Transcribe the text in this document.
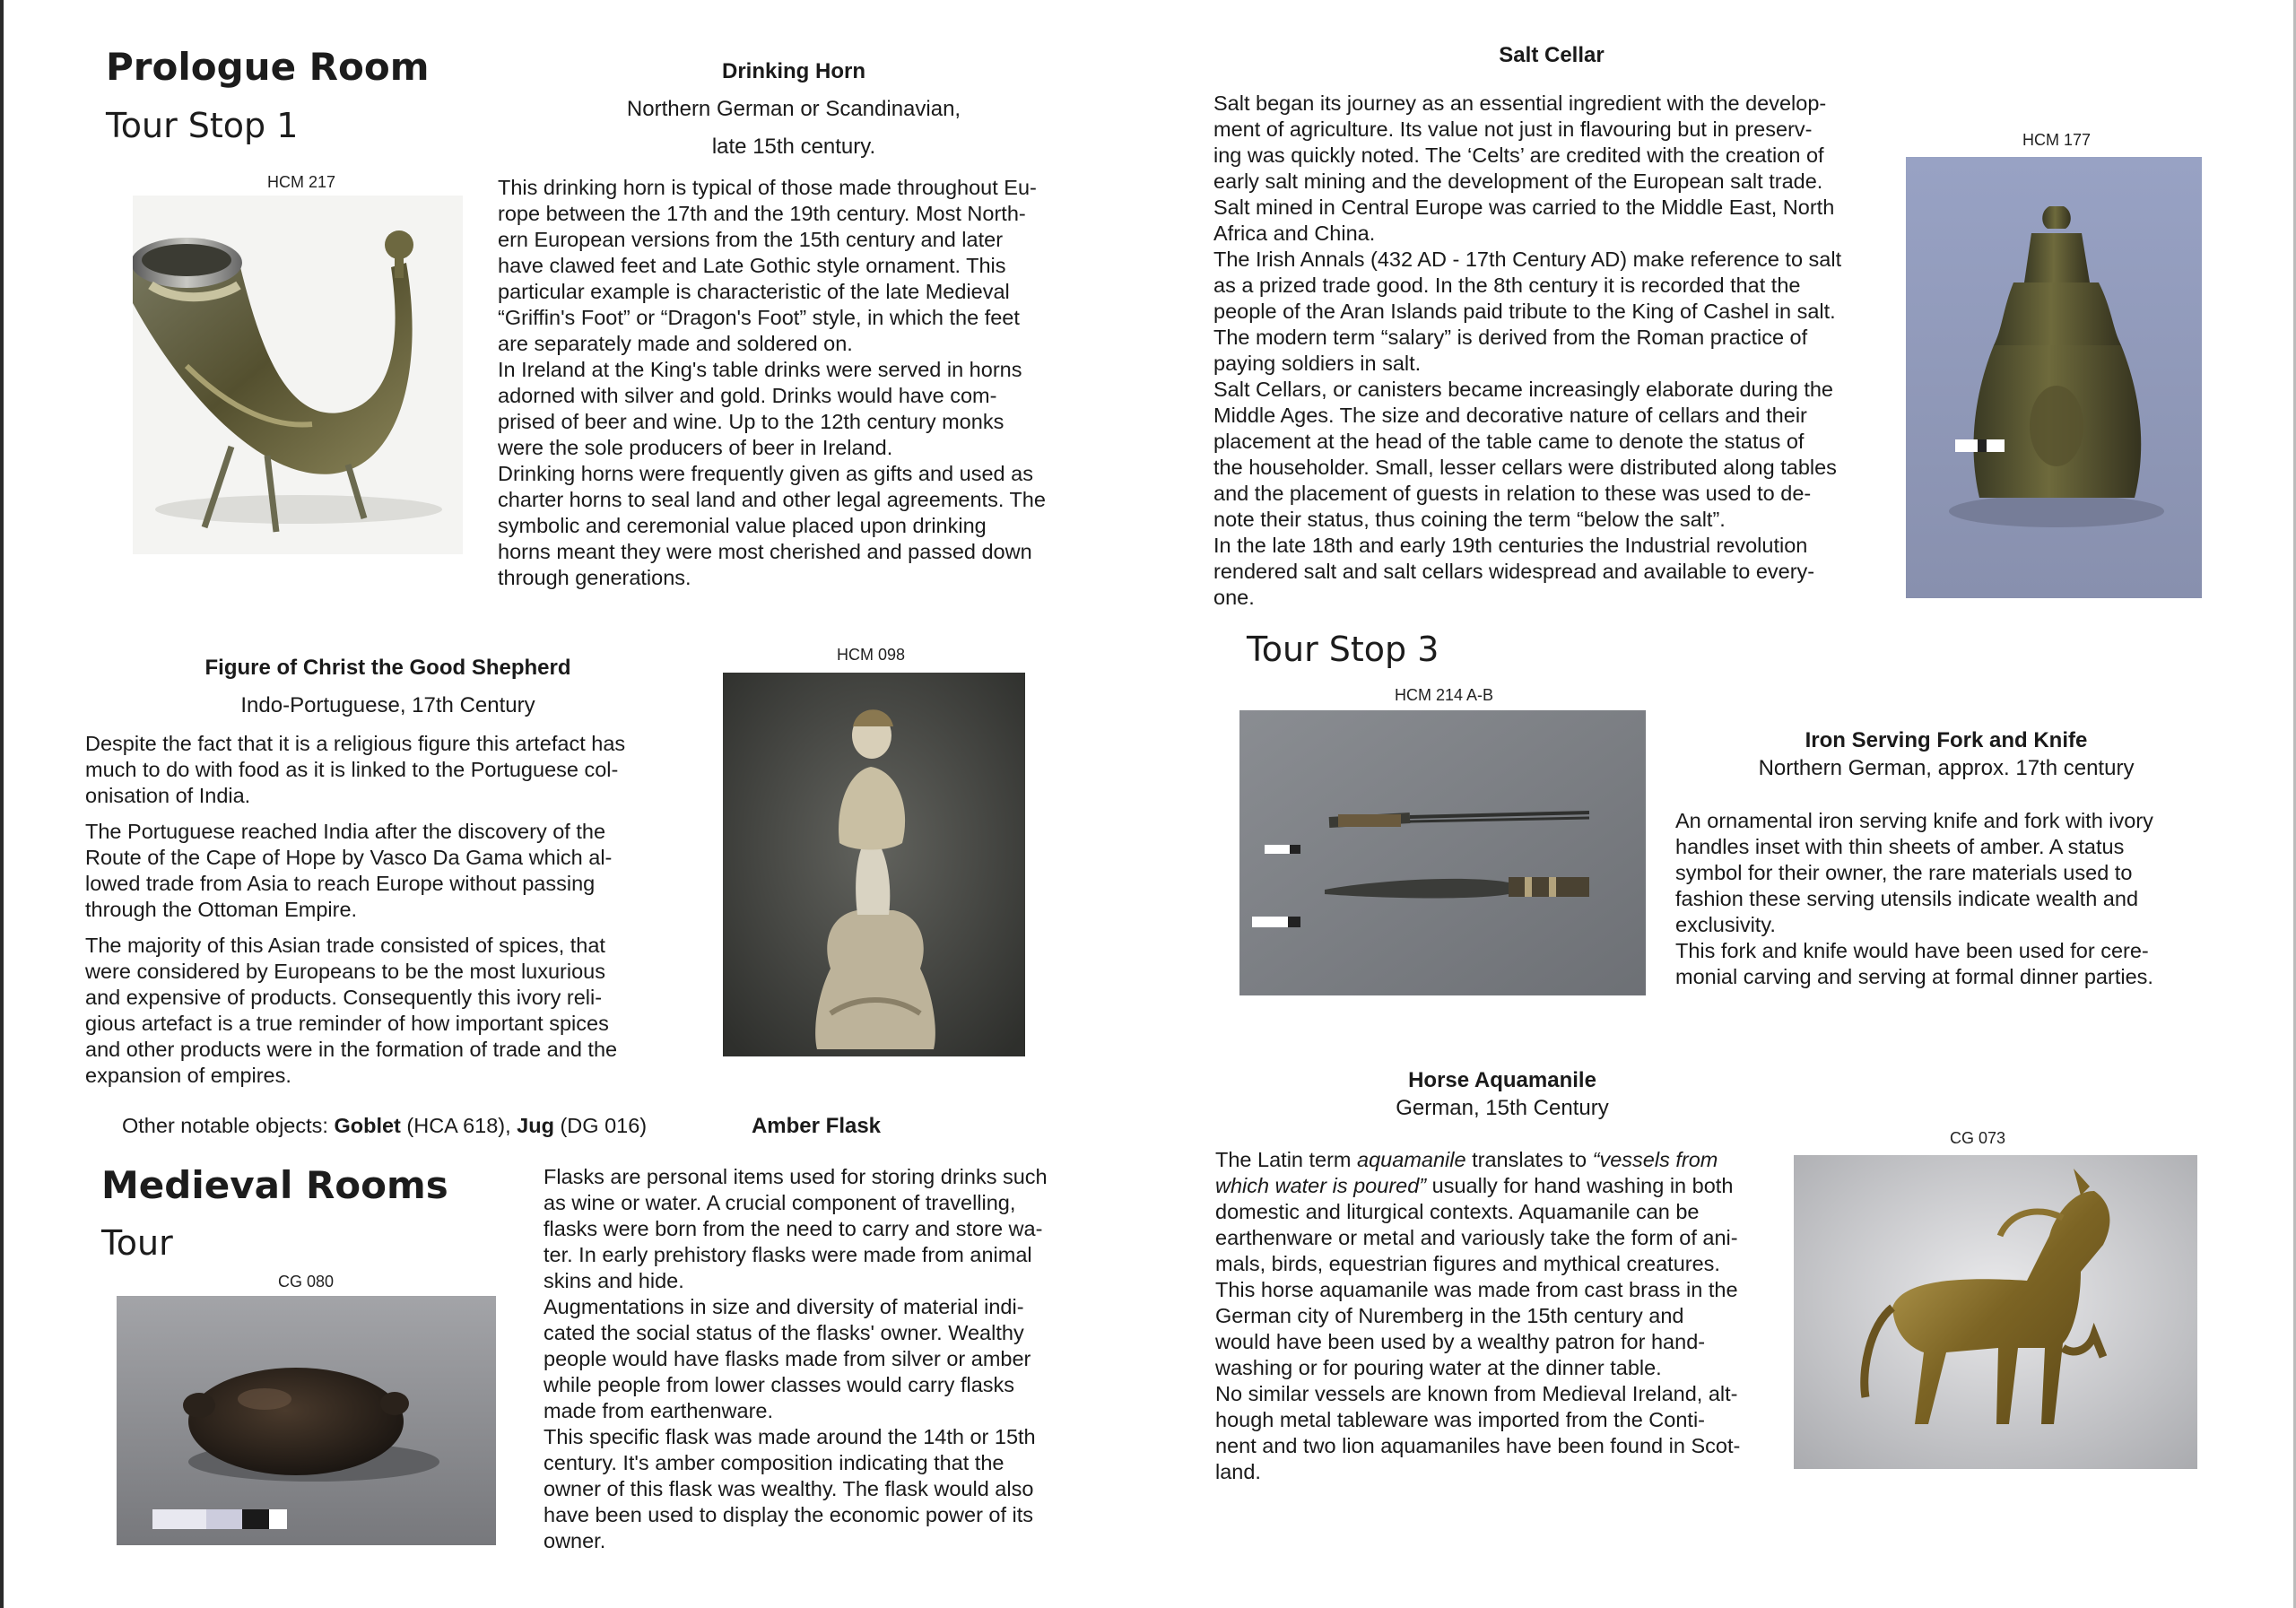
Prologue Room
Tour Stop 1
HCM 217
Drinking Horn
Northern German or Scandinavian,
late 15th century.

This drinking horn is typical of those made throughout Eu-

rope between the 17th and the 19th century. Most North-

ern European versions from the 15th century and later

have clawed feet and Late Gothic style ornament. This

particular example is characteristic of the late Medieval

“Griffin's Foot” or “Dragon's Foot” style, in which the feet

are separately made and soldered on.

In Ireland at the King's table drinks were served in horns

adorned with silver and gold. Drinks would have com-

prised of beer and wine. Up to the 12th century monks

were the sole producers of beer in Ireland.

Drinking horns were frequently given as gifts and used as

charter horns to seal land and other legal agreements. The

symbolic and ceremonial value placed upon drinking

horns meant they were most cherished and passed down

through generations.

Figure of Christ the Good Shepherd
Indo-Portuguese, 17th Century

Despite the fact that it is a religious figure this artefact has
much to do with food as it is linked to the Portuguese col-
onisation of India.

The Portuguese reached India after the discovery of the
Route of the Cape of Hope by Vasco Da Gama which al-
lowed trade from Asia to reach Europe without passing
through the Ottoman Empire.

The majority of this Asian trade consisted of spices, that
were considered by Europeans to be the most luxurious
and expensive of products. Consequently this ivory reli-
gious artefact is a true reminder of how important spices
and other products were in the formation of trade and the
expansion of empires.

HCM 098
Other notable objects: Goblet (HCA 618), Jug (DG 016)	Amber Flask
Medieval Rooms
Tour
CG 080

Flasks are personal items used for storing drinks such

as wine or water. A crucial component of travelling,

flasks were born from the need to carry and store wa-

ter. In early prehistory flasks were made from animal

skins and hide.

Augmentations in size and diversity of material indi-

cated the social status of the flasks' owner. Wealthy

people would have flasks made from silver or amber

while people from lower classes would carry flasks

made from earthenware.

This specific flask was made around the 14th or 15th

century. It's amber composition indicating that the

owner of this flask was wealthy. The flask would also

have been used to display the economic power of its

owner.

Salt Cellar

Salt began its journey as an essential ingredient with the develop-

ment of agriculture. Its value not just in flavouring but in preserv-

ing was quickly noted. The ‘Celts’ are credited with the creation of

early salt mining and the development of the European salt trade.

Salt mined in Central Europe was carried to the Middle East, North

Africa and China.

The Irish Annals (432 AD - 17th Century AD) make reference to salt

as a prized trade good. In the 8th century it is recorded that the

people of the Aran Islands paid tribute to the King of Cashel in salt.

The modern term “salary” is derived from the Roman practice of

paying soldiers in salt.

Salt Cellars, or canisters became increasingly elaborate during the

Middle Ages. The size and decorative nature of cellars and their

placement at the head of the table came to denote the status of

the householder. Small, lesser cellars were distributed along tables

and the placement of guests in relation to these was used to de-

note their status, thus coining the term “below the salt”.

In the late 18th and early 19th centuries the Industrial revolution

rendered salt and salt cellars widespread and available to every-

one.

HCM 177
Tour Stop 3
HCM 214 A-B
Iron Serving Fork and Knife
Northern German, approx. 17th century

An ornamental iron serving knife and fork with ivory

handles inset with thin sheets of amber. A status

symbol for their owner, the rare materials used to

fashion these serving utensils indicate wealth and

exclusivity.

This fork and knife would have been used for cere-

monial carving and serving at formal dinner parties.

Horse Aquamanile
German, 15th Century
CG 073

The Latin term aquamanile translates to “vessels from

which water is poured” usually for hand washing in both

domestic and liturgical contexts. Aquamanile can be

earthenware or metal and variously take the form of ani-

mals, birds, equestrian figures and mythical creatures.

This horse aquamanile was made from cast brass in the

German city of Nuremberg in the 15th century and

would have been used by a wealthy patron for hand-

washing or for pouring water at the dinner table.

No similar vessels are known from Medieval Ireland, alt-

hough metal tableware was imported from the Conti-

nent and two lion aquamaniles have been found in Scot-

land.
